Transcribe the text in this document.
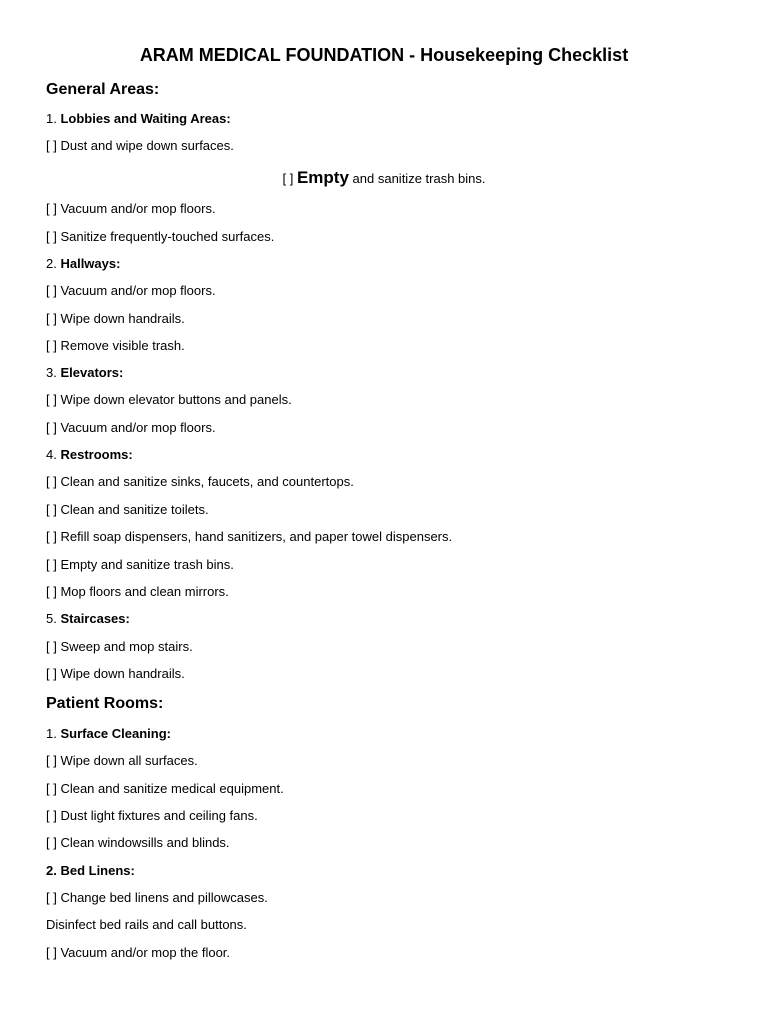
ARAM MEDICAL FOUNDATION - Housekeeping Checklist
General Areas:
1. Lobbies and Waiting Areas:
[ ] Dust and wipe down surfaces.
[ ] Empty and sanitize trash bins.
[ ] Vacuum and/or mop floors.
[ ] Sanitize frequently-touched surfaces.
2. Hallways:
[ ] Vacuum and/or mop floors.
[ ] Wipe down handrails.
[ ] Remove visible trash.
3. Elevators:
[ ] Wipe down elevator buttons and panels.
[ ] Vacuum and/or mop floors.
4. Restrooms:
[ ] Clean and sanitize sinks, faucets, and countertops.
[ ] Clean and sanitize toilets.
[ ] Refill soap dispensers, hand sanitizers, and paper towel dispensers.
[ ] Empty and sanitize trash bins.
[ ] Mop floors and clean mirrors.
5. Staircases:
[ ] Sweep and mop stairs.
[ ] Wipe down handrails.
Patient Rooms:
1. Surface Cleaning:
[ ] Wipe down all surfaces.
[ ] Clean and sanitize medical equipment.
[ ] Dust light fixtures and ceiling fans.
[ ] Clean windowsills and blinds.
2. Bed Linens:
[ ] Change bed linens and pillowcases.
Disinfect bed rails and call buttons.
[ ] Vacuum and/or mop the floor.
